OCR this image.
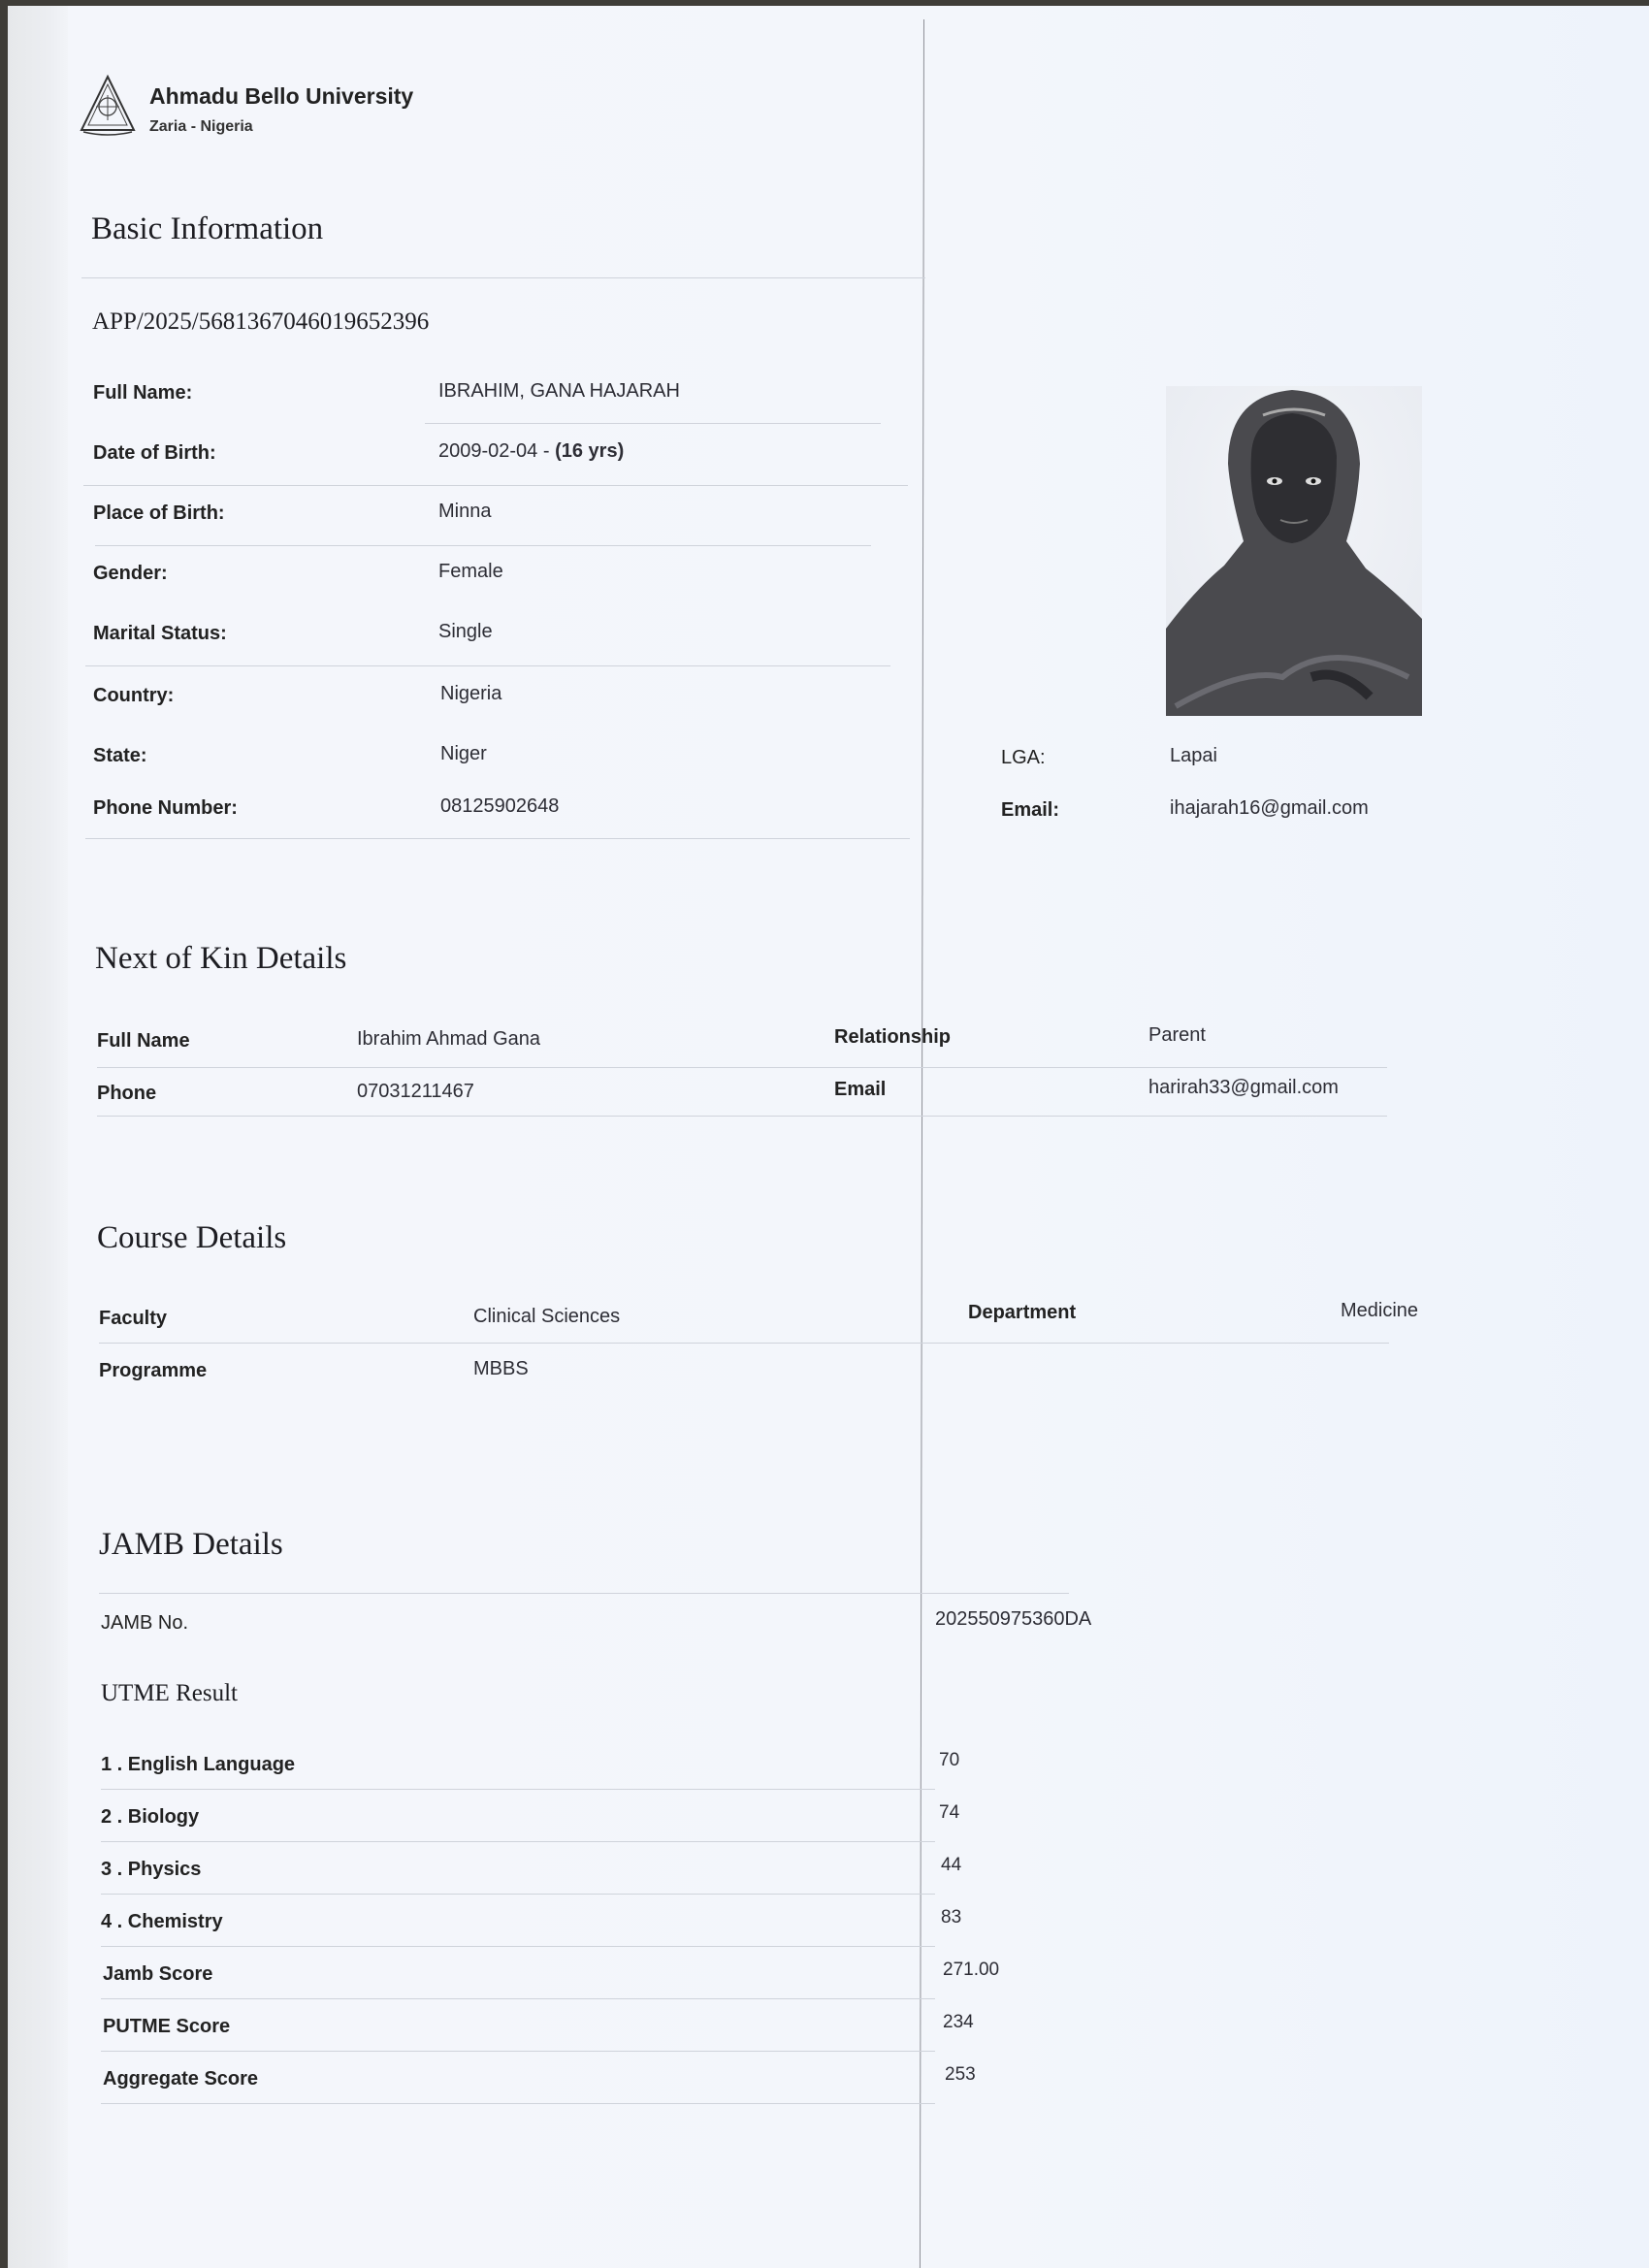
Ahmadu Bello University
Zaria - Nigeria
Basic Information
APP/2025/5681367046019652396
Full Name:	IBRAHIM, GANA HAJARAH
Date of Birth:	2009-02-04 - (16 yrs)
Place of Birth:	Minna
Gender:	Female
Marital Status:	Single
Country:	Nigeria
State:	Niger
Phone Number:	08125902648
LGA:	Lapai
Email:	ihajarah16@gmail.com
Next of Kin Details
Full Name	Ibrahim Ahmad Gana	Relationship	Parent
Phone	07031211467	Email	harirah33@gmail.com
Course Details
Faculty	Clinical Sciences	Department	Medicine
Programme	MBBS
JAMB Details
JAMB No.	202550975360DA
UTME Result
1 . English Language	70
2 . Biology	74
3 . Physics	44
4 . Chemistry	83
Jamb Score	271.00
PUTME Score	234
Aggregate Score	253
